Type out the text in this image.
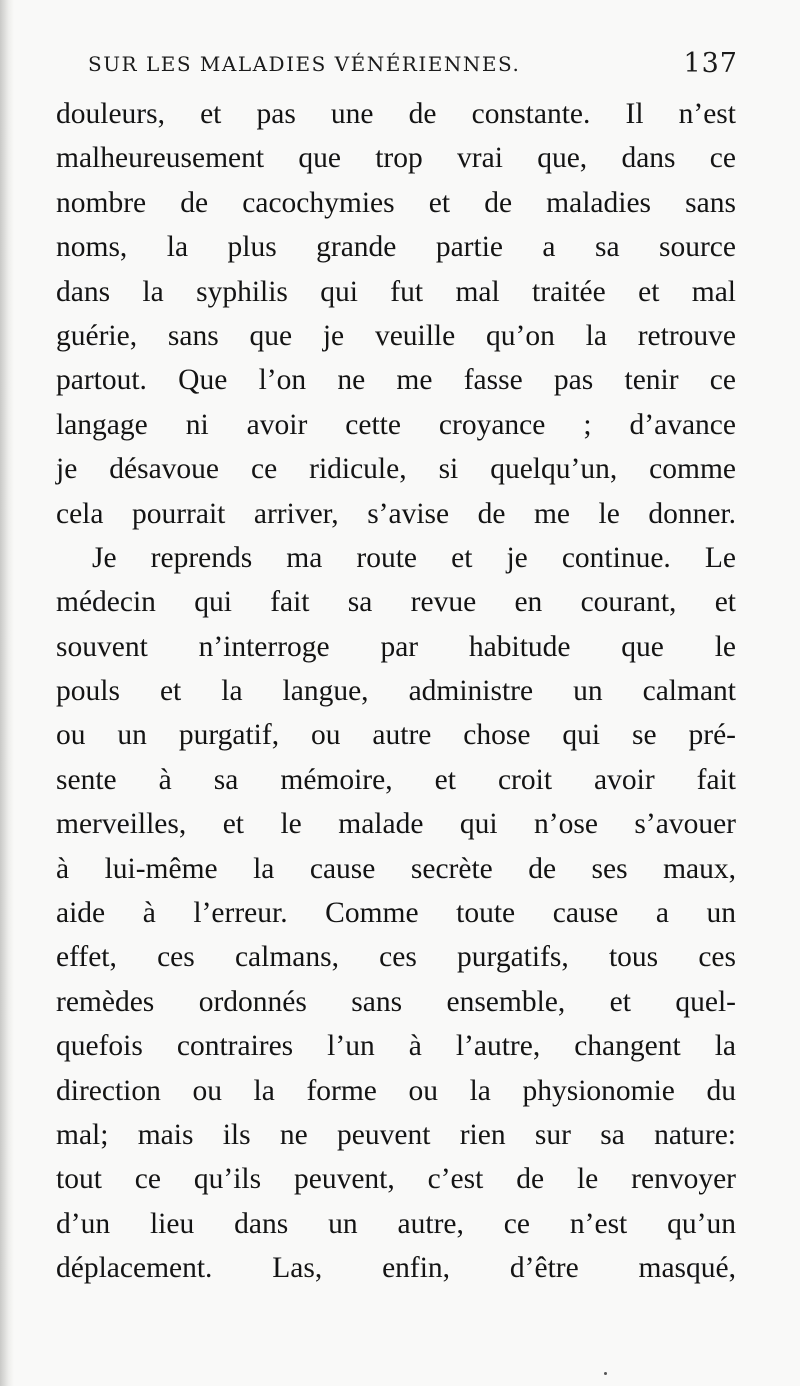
SUR LES MALADIES VÉNÉRIENNES.	137
douleurs, et pas une de constante. Il n’est
malheureusement que trop vrai que, dans ce
nombre de cacochymies et de maladies sans
noms, la plus grande partie a sa source
dans la syphilis qui fut mal traitée et mal
guérie, sans que je veuille qu’on la retrouve
partout. Que l’on ne me fasse pas tenir ce
langage ni avoir cette croyance ; d’avance
je désavoue ce ridicule, si quelqu’un, comme
cela pourrait arriver, s’avise de me le donner.
Je reprends ma route et je continue. Le
médecin qui fait sa revue en courant, et
souvent n’interroge par habitude que le
pouls et la langue, administre un calmant
ou un purgatif, ou autre chose qui se pré-
sente à sa mémoire, et croit avoir fait
merveilles, et le malade qui n’ose s’avouer
à lui-même la cause secrète de ses maux,
aide à l’erreur. Comme toute cause a un
effet, ces calmans, ces purgatifs, tous ces
remèdes ordonnés sans ensemble, et quel-
quefois contraires l’un à l’autre, changent la
direction ou la forme ou la physionomie du
mal; mais ils ne peuvent rien sur sa nature:
tout ce qu’ils peuvent, c’est de le renvoyer
d’un lieu dans un autre, ce n’est qu’un
déplacement. Las, enfin, d’être masqué,
